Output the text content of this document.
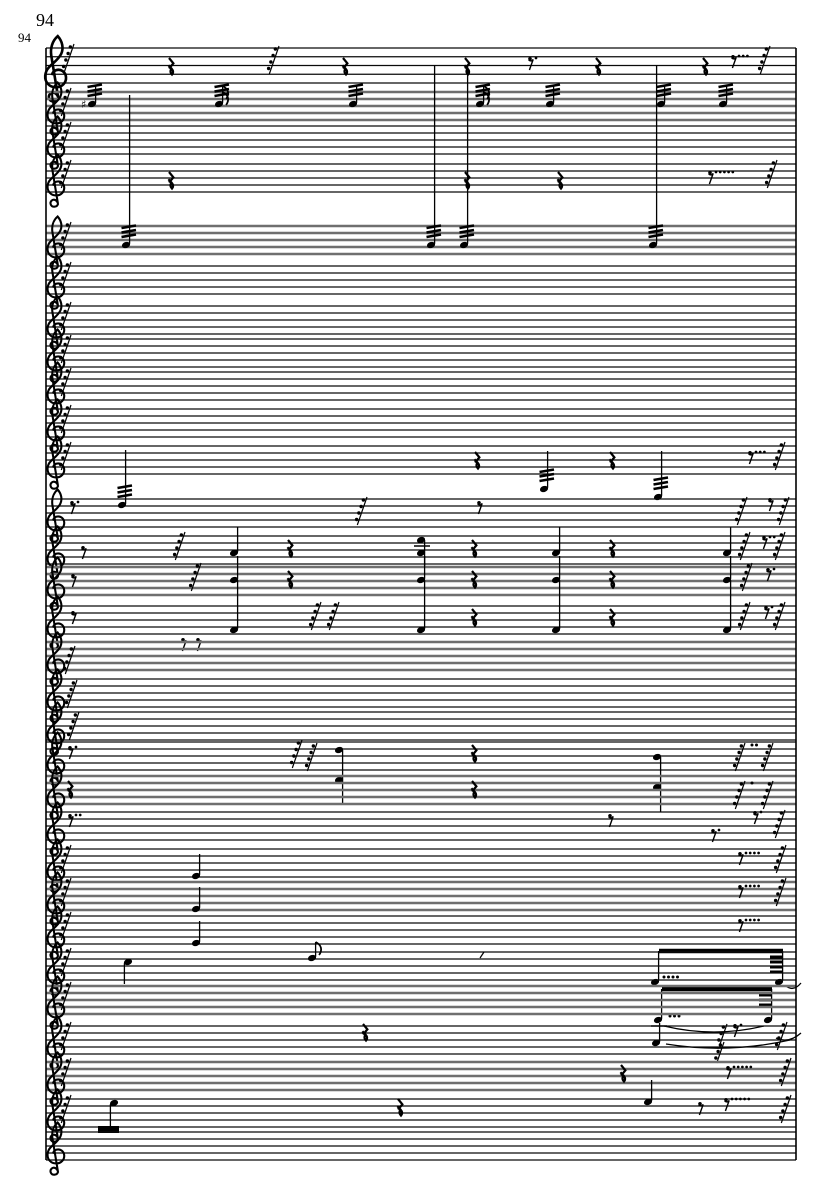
94
94
♯
